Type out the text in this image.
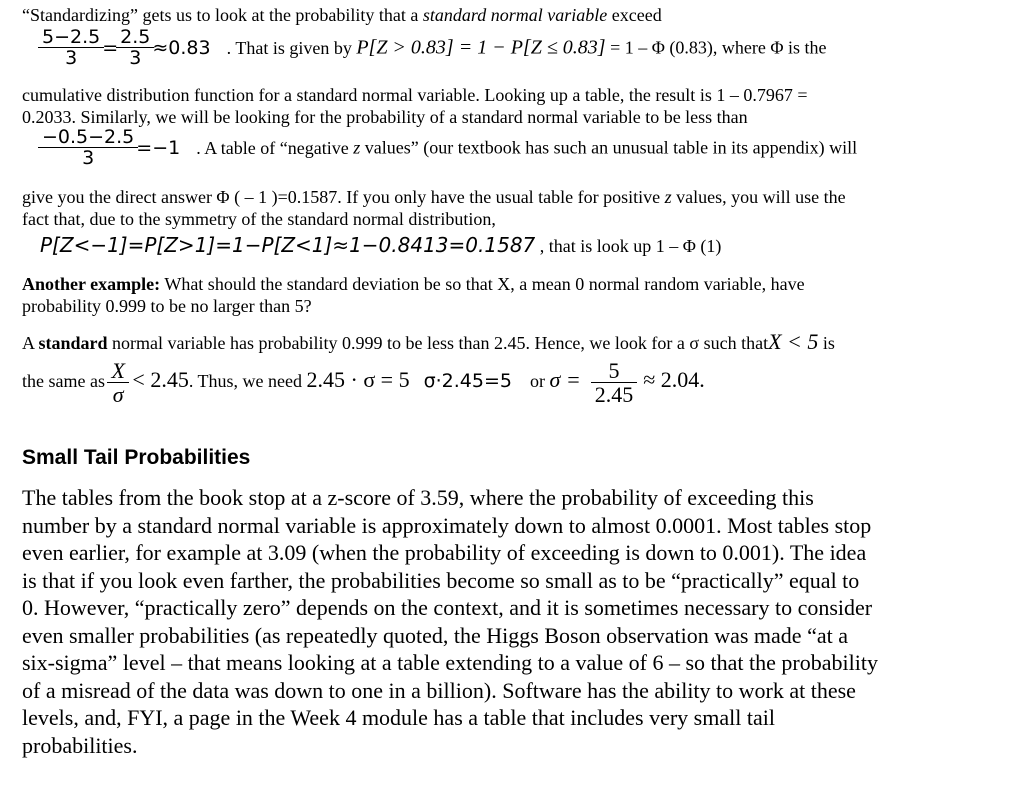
“Standardizing” gets us to look at the probability that a standard normal variable exceed
$\frac{5-2.5}{3} = \frac{2.5}{3} \approx 0.83$ . That is given by P[Z > 0.83] = 1 − P[Z ≤ 0.83] = 1 – Φ (0.83), where Φ is the
cumulative distribution function for a standard normal variable. Looking up a table, the result is 1 – 0.7967 =
0.2033. Similarly, we will be looking for the probability of a standard normal variable to be less than
$\frac{-0.5-2.5}{3} =-1$ . A table of “negative z values” (our textbook has such an unusual table in its appendix) will
give you the direct answer Φ ( – 1 )=0.1587. If you only have the usual table for positive z values, you will use the
fact that, due to the symmetry of the standard normal distribution,
P[Z<−1]=P[Z>1]=1−P[Z<1]≈1−0.8413=0.1587 , that is look up 1 – Φ (1)
Another example: What should the standard deviation be so that X, a mean 0 normal random variable, have
probability 0.999 to be no larger than 5?
A standard normal variable has probability 0.999 to be less than 2.45. Hence, we look for a σ such thatX < 5 is
the same as $\frac{X}{\sigma} < 2.45$. Thus, we need 2.45 · σ = 5 σ·2.45=5 or $\sigma = \frac{5}{2.45} \approx 2.04$.
Small Tail Probabilities
The tables from the book stop at a z-score of 3.59, where the probability of exceeding this
number by a standard normal variable is approximately down to almost 0.0001. Most tables stop
even earlier, for example at 3.09 (when the probability of exceeding is down to 0.001). The idea
is that if you look even farther, the probabilities become so small as to be “practically” equal to
0. However, “practically zero” depends on the context, and it is sometimes necessary to consider
even smaller probabilities (as repeatedly quoted, the Higgs Boson observation was made “at a
six-sigma” level – that means looking at a table extending to a value of 6 – so that the probability
of a misread of the data was down to one in a billion). Software has the ability to work at these
levels, and, FYI, a page in the Week 4 module has a table that includes very small tail
probabilities.
